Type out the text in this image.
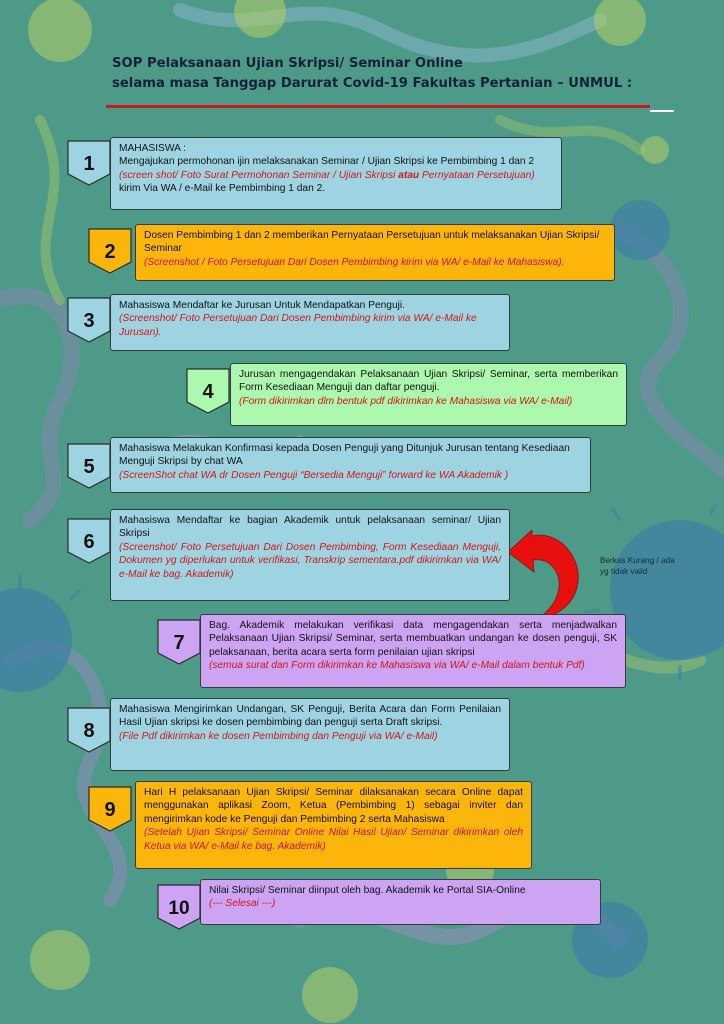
SOP Pelaksanaan Ujian Skripsi/ Seminar Online
selama masa Tanggap Darurat Covid-19 Fakultas Pertanian – UNMUL :
Berkas Kurang / ada yg tidak valid
1

MAHASISWA :

Mengajukan permohonan ijin melaksanakan Seminar / Ujian Skripsi ke Pembimbing 1 dan 2 (screen shot/ Foto Surat Permohonan Seminar / Ujian Skripsi atau Pernyataan Persetujuan) kirim Via WA / e-Mail ke Pembimbing 1 dan 2.

2

Dosen Pembimbing 1 dan 2 memberikan Pernyataan Persetujuan untuk melaksanakan Ujian Skripsi/ Seminar

(Screenshot / Foto Persetujuan Dari Dosen Pembimbing kirim via WA/ e-Mail ke Mahasiswa).
3

Mahasiswa Mendaftar ke Jurusan Untuk Mendapatkan Penguji.

(Screenshot/ Foto Persetujuan Dari Dosen Pembimbing kirim via WA/ e-Mail ke Jurusan).
4

Jurusan mengagendakan Pelaksanaan Ujian Skripsi/ Seminar, serta memberikan Form Kesediaan Menguji dan daftar penguji.

(Form dikirimkan dlm bentuk pdf dikirimkan ke Mahasiswa via WA/ e-Mail)
5

Mahasiswa Melakukan Konfirmasi kepada Dosen Penguji yang Ditunjuk Jurusan tentang Kesediaan Menguji Skripsi by chat WA

(ScreenShot chat WA dr Dosen Penguji “Bersedia Menguji” forward ke WA Akademik )
6

Mahasiswa Mendaftar ke bagian Akademik untuk pelaksanaan seminar/ Ujian Skripsi

(Screenshot/ Foto Persetujuan Dari Dosen Pembimbing, Form Kesediaan Menguji, Dokumen yg diperlukan untuk verifikasi, Transkrip sementara.pdf dikirimkan via WA/ e-Mail ke bag. Akademik)
7

Bag. Akademik melakukan verifikasi data mengagendakan serta menjadwalkan Pelaksanaan Ujian Skripsi/ Seminar, serta membuatkan undangan ke dosen penguji, SK pelaksanaan, berita acara serta form penilaian ujian skripsi

(semua surat dan Form dikirimkan ke Mahasiswa via WA/ e-Mail dalam bentuk Pdf)
8

Mahasiswa Mengirimkan Undangan, SK Penguji, Berita Acara dan Form Penilaian Hasil Ujian skripsi ke dosen pembimbing dan penguji serta Draft skripsi.

(File Pdf dikirimkan ke dosen Pembimbing dan Penguji via WA/ e-Mail)
9

Hari H pelaksanaan Ujian Skripsi/ Seminar dilaksanakan secara Online dapat menggunakan aplikasi Zoom, Ketua (Pembimbing 1) sebagai inviter dan mengirimkan kode ke Penguji dan Pembimbing 2 serta Mahasiswa

(Setelah Ujian Skripsi/ Seminar Online Nilai Hasil Ujian/ Seminar dikirimkan oleh Ketua via WA/ e-Mail ke bag. Akademik)
10

Nilai Skripsi/ Seminar diinput oleh bag. Akademik ke Portal SIA-Online

(--- Selesai ---)
